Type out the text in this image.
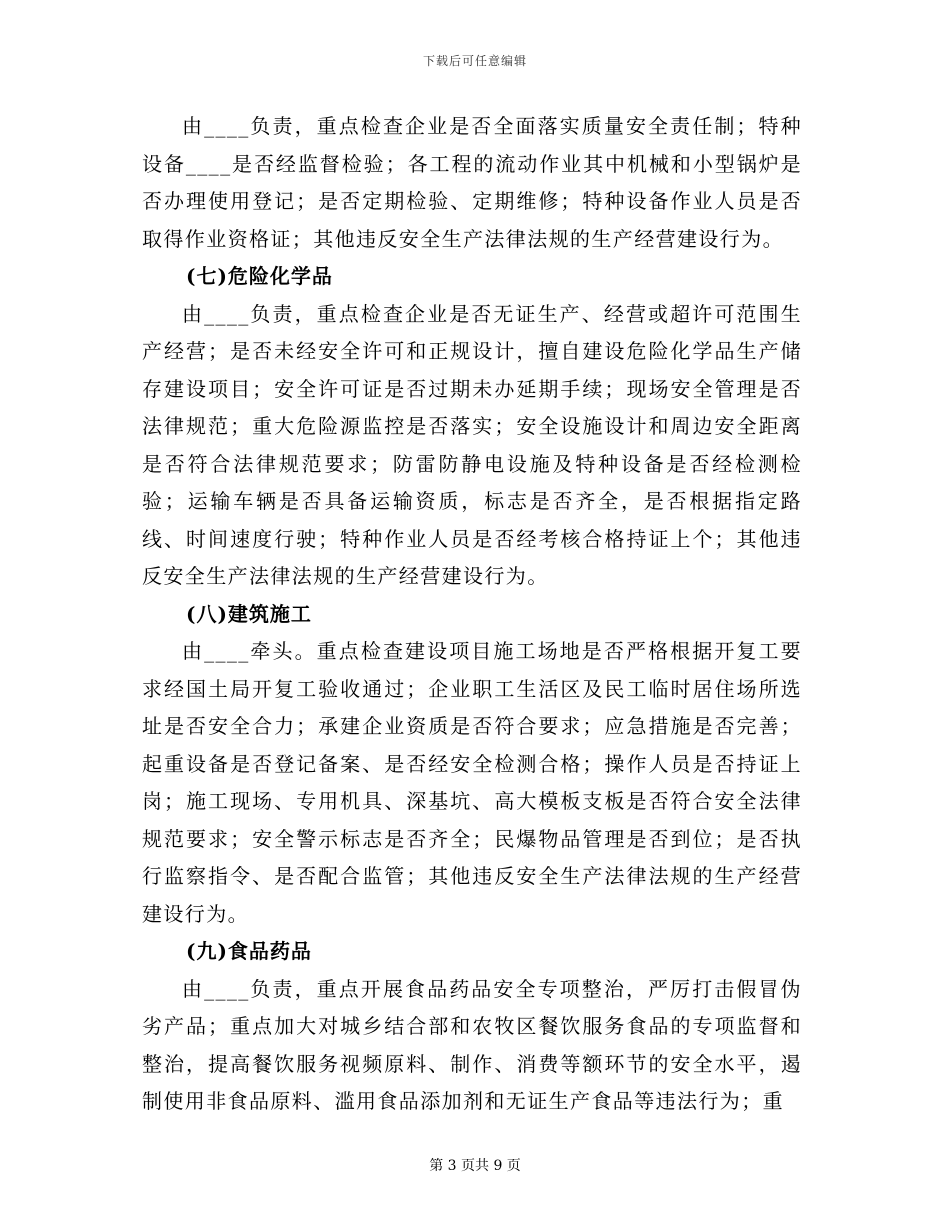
下载后可任意编辑

由____负责，重点检查企业是否全面落实质量安全责任制；特种设备____是否经监督检验；各工程的流动作业其中机械和小型锅炉是否办理使用登记；是否定期检验、定期维修；特种设备作业人员是否取得作业资格证；其他违反安全生产法律法规的生产经营建设行为。

(七)危险化学品

由____负责，重点检查企业是否无证生产、经营或超许可范围生产经营；是否未经安全许可和正规设计，擅自建设危险化学品生产储存建设项目；安全许可证是否过期未办延期手续；现场安全管理是否法律规范；重大危险源监控是否落实；安全设施设计和周边安全距离是否符合法律规范要求；防雷防静电设施及特种设备是否经检测检验；运输车辆是否具备运输资质，标志是否齐全，是否根据指定路线、时间速度行驶；特种作业人员是否经考核合格持证上个；其他违反安全生产法律法规的生产经营建设行为。

(八)建筑施工

由____牵头。重点检查建设项目施工场地是否严格根据开复工要求经国土局开复工验收通过；企业职工生活区及民工临时居住场所选址是否安全合力；承建企业资质是否符合要求；应急措施是否完善；起重设备是否登记备案、是否经安全检测合格；操作人员是否持证上岗；施工现场、专用机具、深基坑、高大模板支板是否符合安全法律规范要求；安全警示标志是否齐全；民爆物品管理是否到位；是否执行监察指令、是否配合监管；其他违反安全生产法律法规的生产经营建设行为。

(九)食品药品

由____负责，重点开展食品药品安全专项整治，严厉打击假冒伪劣产品；重点加大对城乡结合部和农牧区餐饮服务食品的专项监督和整治，提高餐饮服务视频原料、制作、消费等额环节的安全水平，遏制使用非食品原料、滥用食品添加剂和无证生产食品等违法行为；重

第 3 页共 9 页
